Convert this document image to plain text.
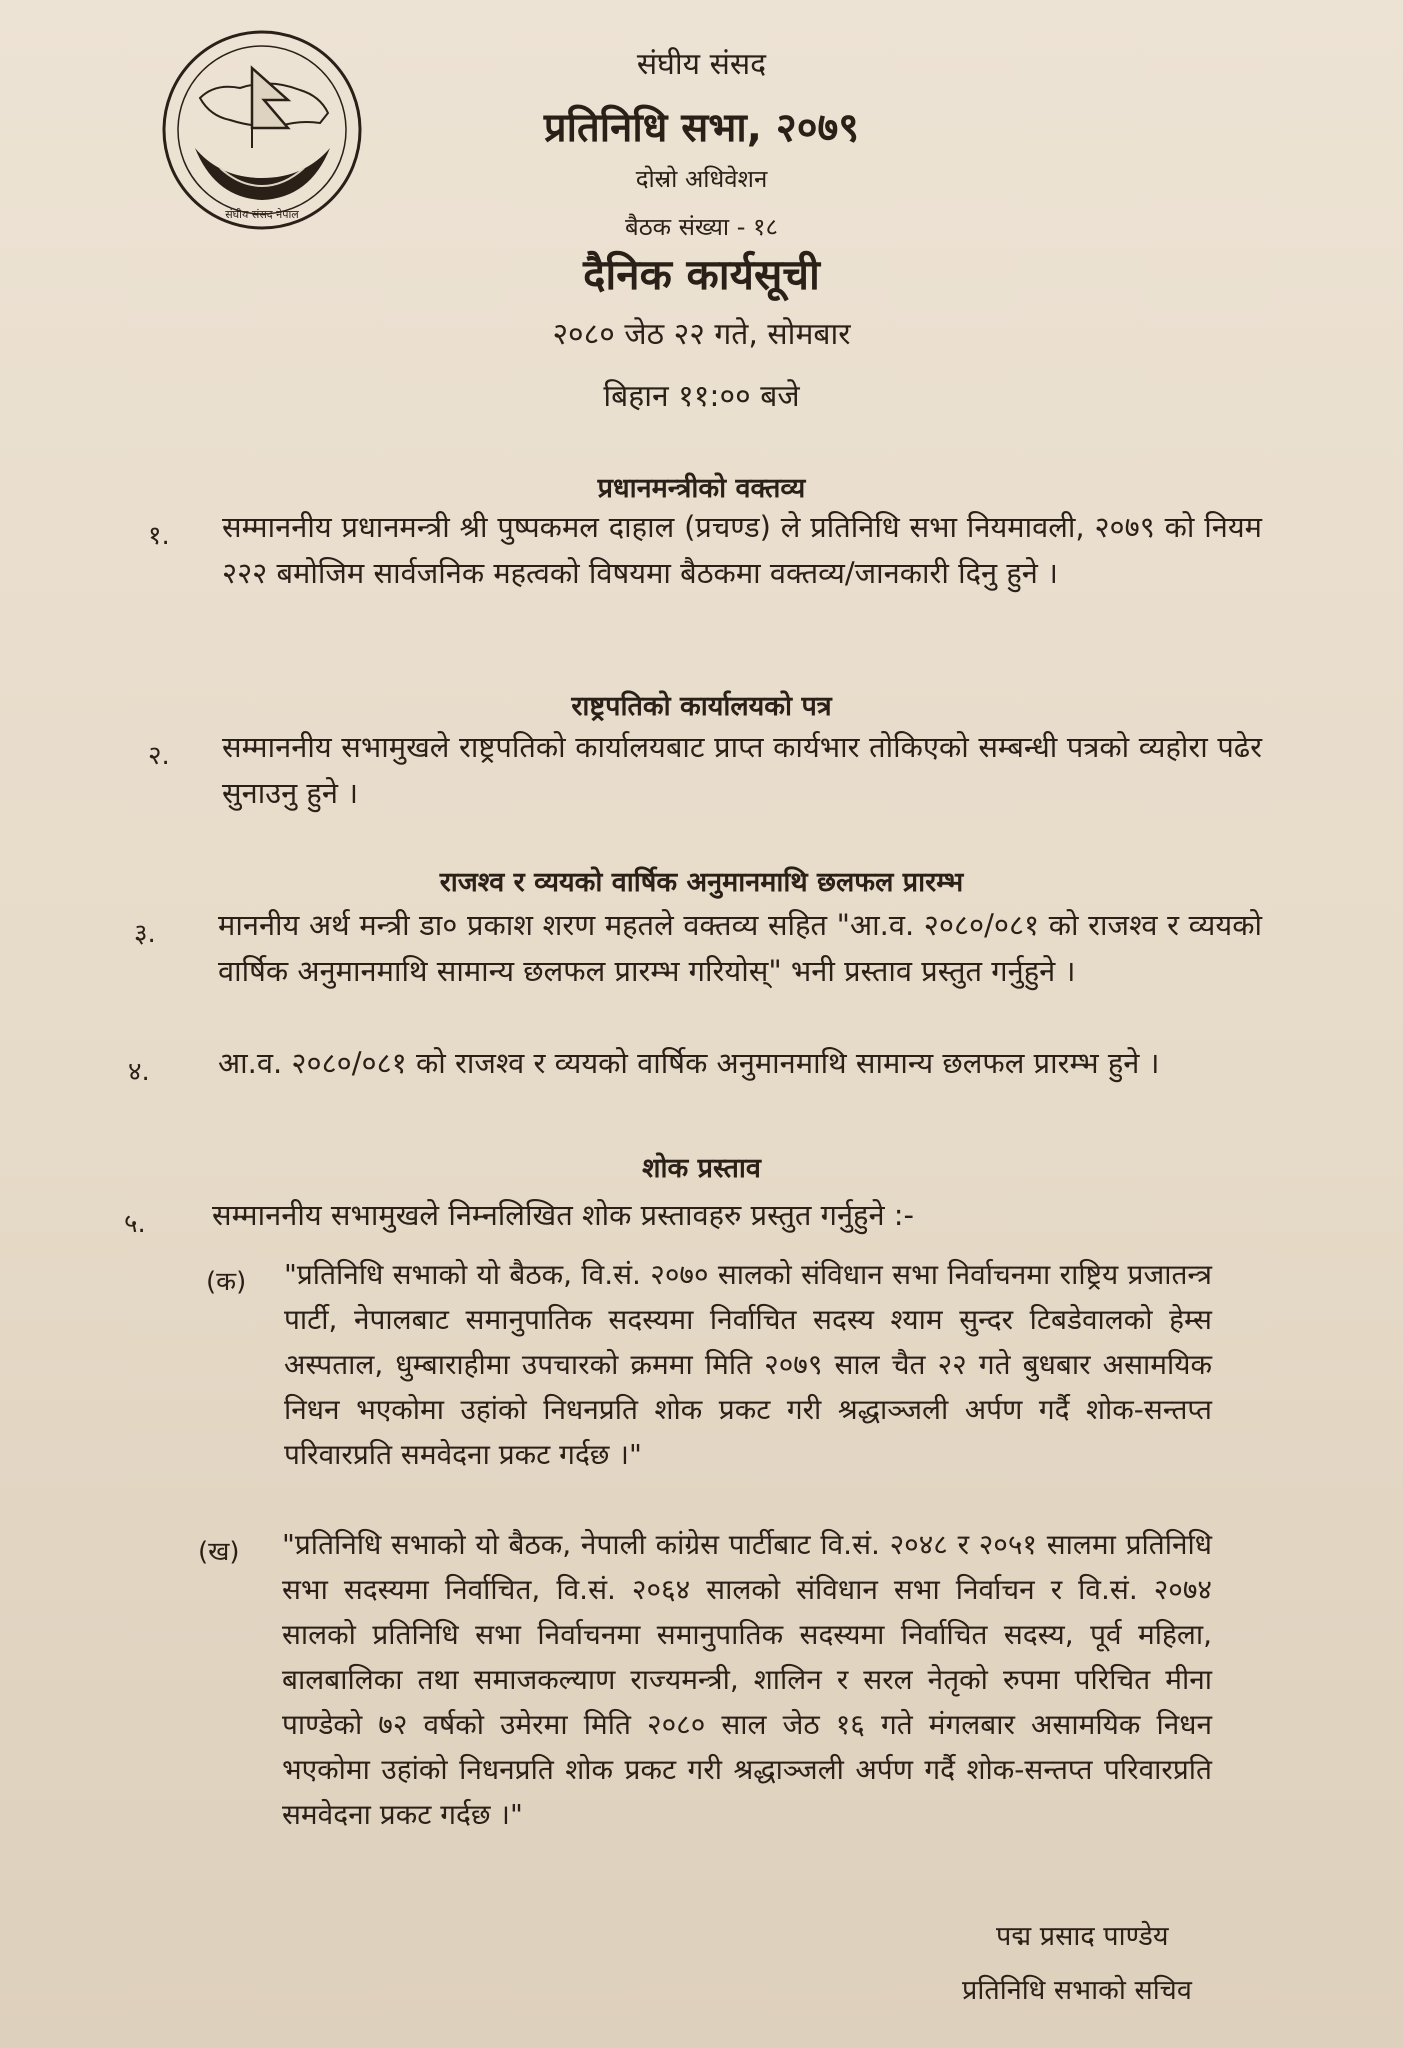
संघीय संसद नेपाल
संघीय संसद
प्रतिनिधि सभा, २०७९
दोस्रो अधिवेशन
बैठक संख्या - १८
दैनिक कार्यसूची
२०८० जेठ २२ गते, सोमबार
बिहान ११:०० बजे
प्रधानमन्त्रीको वक्तव्य
१. सम्माननीय प्रधानमन्त्री श्री पुष्पकमल दाहाल (प्रचण्ड) ले प्रतिनिधि सभा नियमावली, २०७९ को नियम २२२ बमोजिम सार्वजनिक महत्वको विषयमा बैठकमा वक्तव्य/जानकारी दिनु हुने ।
राष्ट्रपतिको कार्यालयको पत्र
२. सम्माननीय सभामुखले राष्ट्रपतिको कार्यालयबाट प्राप्त कार्यभार तोकिएको सम्बन्धी पत्रको व्यहोरा पढेर सुनाउनु हुने ।
राजश्व र व्ययको वार्षिक अनुमानमाथि छलफल प्रारम्भ
३. माननीय अर्थ मन्त्री डा० प्रकाश शरण महतले वक्तव्य सहित "आ.व. २०८०/०८१ को राजश्व र व्ययको वार्षिक अनुमानमाथि सामान्य छलफल प्रारम्भ गरियोस्" भनी प्रस्ताव प्रस्तुत गर्नुहुने ।
४. आ.व. २०८०/०८१ को राजश्व र व्ययको वार्षिक अनुमानमाथि सामान्य छलफल प्रारम्भ हुने ।
शोक प्रस्ताव
५. सम्माननीय सभामुखले निम्नलिखित शोक प्रस्तावहरु प्रस्तुत गर्नुहुने :-
(क) "प्रतिनिधि सभाको यो बैठक, वि.सं. २०७० सालको संविधान सभा निर्वाचनमा राष्ट्रिय प्रजातन्त्र पार्टी, नेपालबाट समानुपातिक सदस्यमा निर्वाचित सदस्य श्याम सुन्दर टिबडेवालको हेम्स अस्पताल, धुम्बाराहीमा उपचारको क्रममा मिति २०७९ साल चैत २२ गते बुधबार असामयिक निधन भएकोमा उहांको निधनप्रति शोक प्रकट गरी श्रद्धाञ्जली अर्पण गर्दै शोक-सन्तप्त परिवारप्रति समवेदना प्रकट गर्दछ ।"
(ख) "प्रतिनिधि सभाको यो बैठक, नेपाली कांग्रेस पार्टीबाट वि.सं. २०४८ र २०५१ सालमा प्रतिनिधि सभा सदस्यमा निर्वाचित, वि.सं. २०६४ सालको संविधान सभा निर्वाचन र वि.सं. २०७४ सालको प्रतिनिधि सभा निर्वाचनमा समानुपातिक सदस्यमा निर्वाचित सदस्य, पूर्व महिला, बालबालिका तथा समाजकल्याण राज्यमन्त्री, शालिन र सरल नेतृको रुपमा परिचित मीना पाण्डेको ७२ वर्षको उमेरमा मिति २०८० साल जेठ १६ गते मंगलबार असामयिक निधन भएकोमा उहांको निधनप्रति शोक प्रकट गरी श्रद्धाञ्जली अर्पण गर्दै शोक-सन्तप्त परिवारप्रति समवेदना प्रकट गर्दछ ।"
पद्म प्रसाद पाण्डेय
प्रतिनिधि सभाको सचिव
